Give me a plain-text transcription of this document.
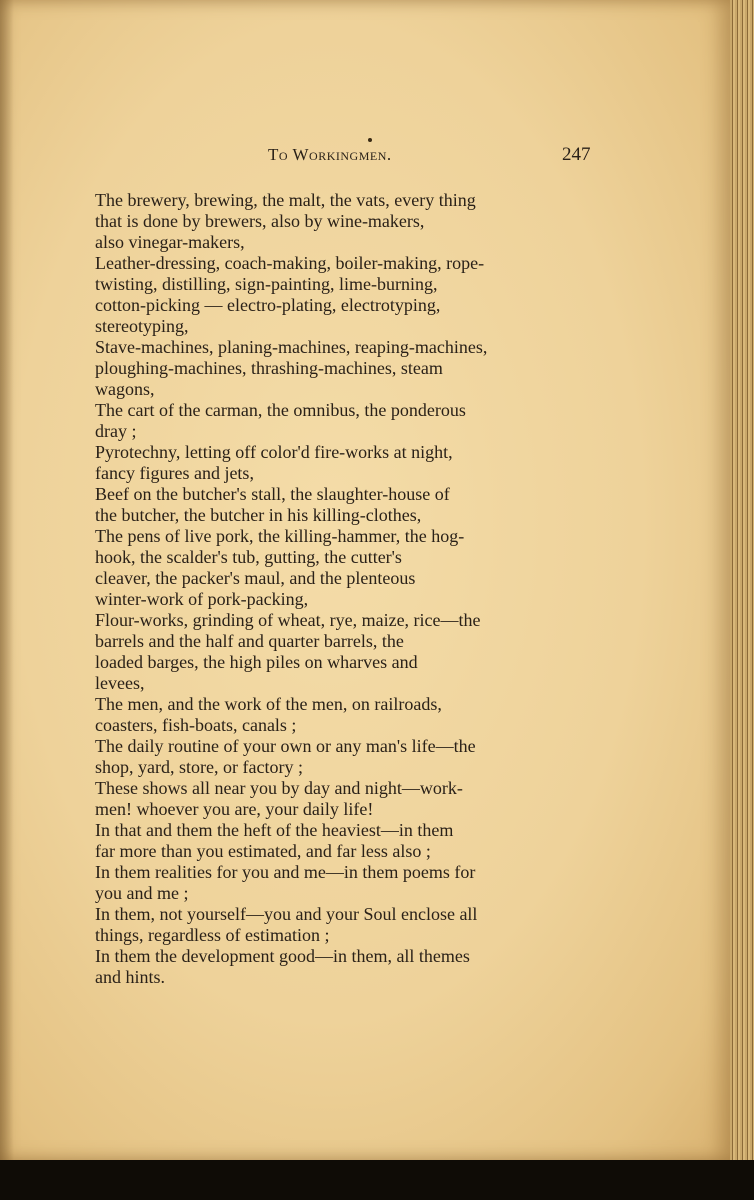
To Workingmen.	247

The brewery, brewing, the malt, the vats, every thing
that is done by brewers, also by wine-makers,
also vinegar-makers,

Leather-dressing, coach-making, boiler-making, rope-
twisting, distilling, sign-painting, lime-burning,
cotton-picking — electro-plating, electrotyping,
stereotyping,

Stave-machines, planing-machines, reaping-machines,
ploughing-machines, thrashing-machines, steam
wagons,

The cart of the carman, the omnibus, the ponderous
dray ;

Pyrotechny, letting off color'd fire-works at night,
fancy figures and jets,

Beef on the butcher's stall, the slaughter-house of
the butcher, the butcher in his killing-clothes,

The pens of live pork, the killing-hammer, the hog-
hook, the scalder's tub, gutting, the cutter's
cleaver, the packer's maul, and the plenteous
winter-work of pork-packing,

Flour-works, grinding of wheat, rye, maize, rice—the
barrels and the half and quarter barrels, the
loaded barges, the high piles on wharves and
levees,

The men, and the work of the men, on railroads,
coasters, fish-boats, canals ;

The daily routine of your own or any man's life—the
shop, yard, store, or factory ;

These shows all near you by day and night—work-
men! whoever you are, your daily life!

In that and them the heft of the heaviest—in them
far more than you estimated, and far less also ;

In them realities for you and me—in them poems for
you and me ;

In them, not yourself—you and your Soul enclose all
things, regardless of estimation ;

In them the development good—in them, all themes
and hints.
